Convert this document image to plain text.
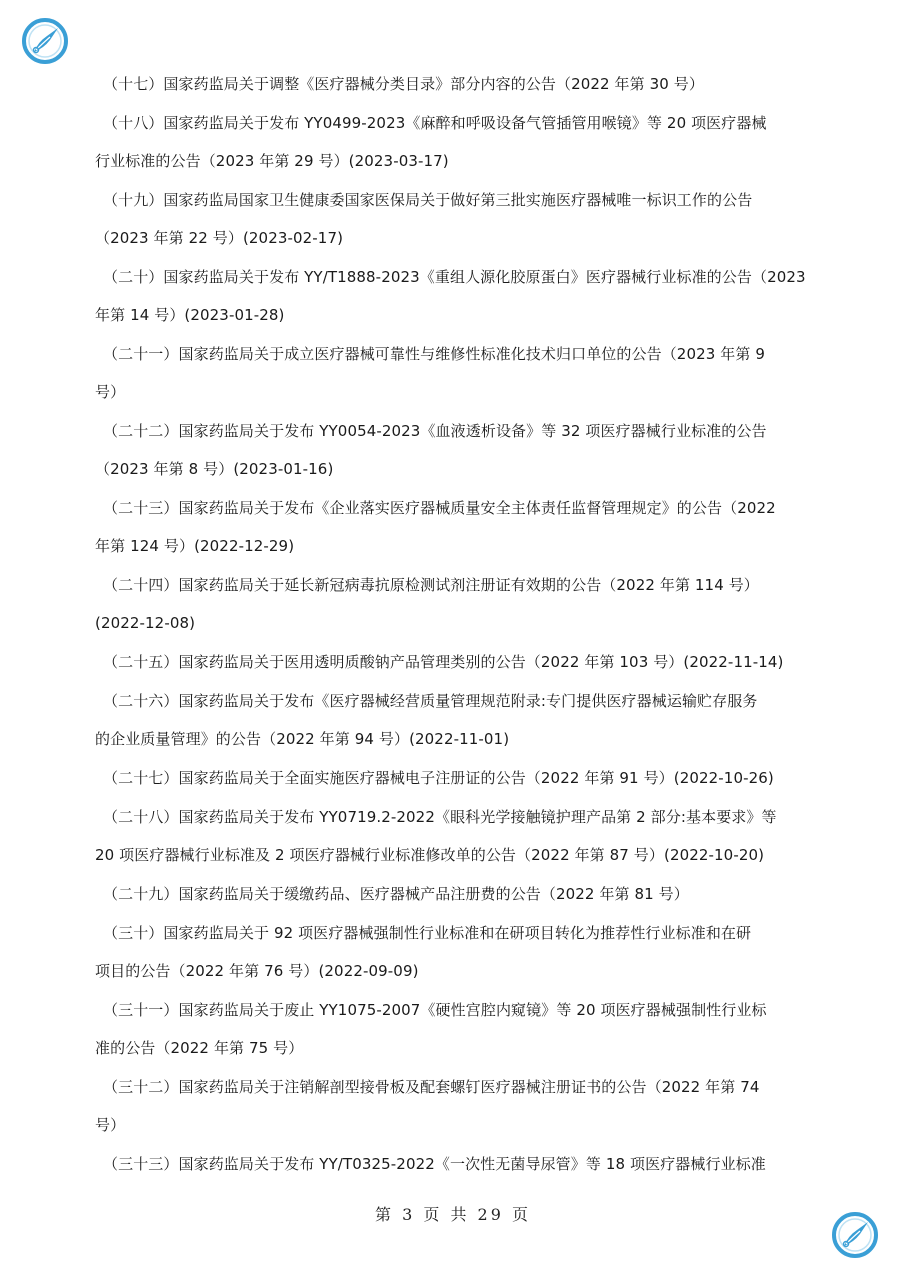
（十七）国家药监局关于调整《医疗器械分类目录》部分内容的公告（2022 年第 30 号）
（十八）国家药监局关于发布 YY0499-2023《麻醉和呼吸设备气管插管用喉镜》等 20 项医疗器械
行业标准的公告（2023 年第 29 号）(2023-03-17)
（十九）国家药监局国家卫生健康委国家医保局关于做好第三批实施医疗器械唯一标识工作的公告
（2023 年第 22 号）(2023-02-17)
（二十）国家药监局关于发布 YY/T1888-2023《重组人源化胶原蛋白》医疗器械行业标准的公告（2023
年第 14 号）(2023-01-28)
（二十一）国家药监局关于成立医疗器械可靠性与维修性标准化技术归口单位的公告（2023 年第 9
号）
（二十二）国家药监局关于发布 YY0054-2023《血液透析设备》等 32 项医疗器械行业标准的公告
（2023 年第 8 号）(2023-01-16)
（二十三）国家药监局关于发布《企业落实医疗器械质量安全主体责任监督管理规定》的公告（2022
年第 124 号）(2022-12-29)
（二十四）国家药监局关于延长新冠病毒抗原检测试剂注册证有效期的公告（2022 年第 114 号）
(2022-12-08)
（二十五）国家药监局关于医用透明质酸钠产品管理类别的公告（2022 年第 103 号）(2022-11-14)
（二十六）国家药监局关于发布《医疗器械经营质量管理规范附录:专门提供医疗器械运输贮存服务
的企业质量管理》的公告（2022 年第 94 号）(2022-11-01)
（二十七）国家药监局关于全面实施医疗器械电子注册证的公告（2022 年第 91 号）(2022-10-26)
（二十八）国家药监局关于发布 YY0719.2-2022《眼科光学接触镜护理产品第 2 部分:基本要求》等
20 项医疗器械行业标准及 2 项医疗器械行业标准修改单的公告（2022 年第 87 号）(2022-10-20)
（二十九）国家药监局关于缓缴药品、医疗器械产品注册费的公告（2022 年第 81 号）
（三十）国家药监局关于 92 项医疗器械强制性行业标准和在研项目转化为推荐性行业标准和在研
项目的公告（2022 年第 76 号）(2022-09-09)
（三十一）国家药监局关于废止 YY1075-2007《硬性宫腔内窥镜》等 20 项医疗器械强制性行业标
准的公告（2022 年第 75 号）
（三十二）国家药监局关于注销解剖型接骨板及配套螺钉医疗器械注册证书的公告（2022 年第 74
号）
（三十三）国家药监局关于发布 YY/T0325-2022《一次性无菌导尿管》等 18 项医疗器械行业标准
第 3 页 共 29 页
